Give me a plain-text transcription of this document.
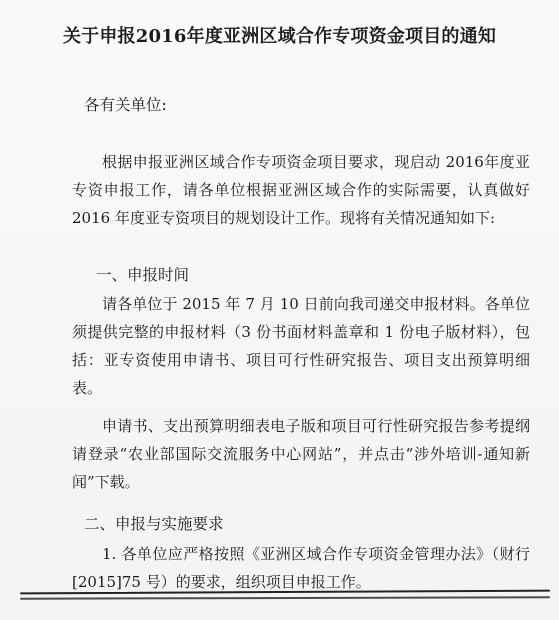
关于申报2016年度亚洲区域合作专项资金项目的通知
各有关单位:
根据申报亚洲区域合作专项资金项目要求，现启动 2016年度亚专资申报工作，请各单位根据亚洲区域合作的实际需要，认真做好 2016 年度亚专资项目的规划设计工作。现将有关情况通知如下:
一、申报时间
请各单位于 2015 年 7 月 10 日前向我司递交申报材料。各单位须提供完整的申报材料（3 份书面材料盖章和 1 份电子版材料），包括：亚专资使用申请书、项目可行性研究报告、项目支出预算明细表。
申请书、支出预算明细表电子版和项目可行性研究报告参考提纲请登录“农业部国际交流服务中心网站”，并点击“涉外培训-通知新闻”下载。
二、申报与实施要求
1. 各单位应严格按照《亚洲区域合作专项资金管理办法》（财行 [2015]75 号）的要求，组织项目申报工作。
